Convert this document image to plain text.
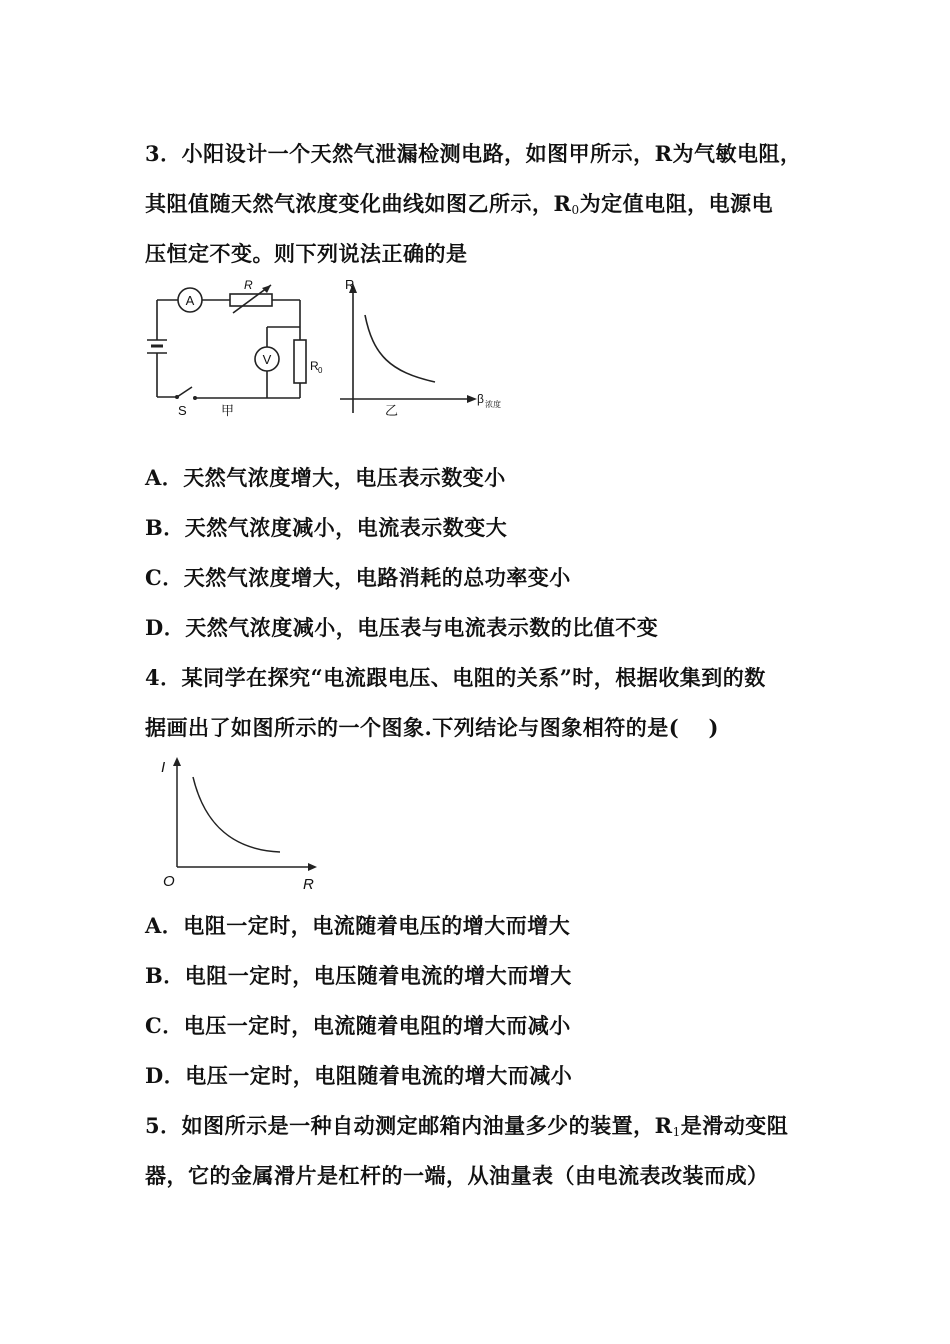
3．小阳设计一个天然气泄漏检测电路，如图甲所示，R为气敏电阻，
其阻值随天然气浓度变化曲线如图乙所示，$R_0$为定值电阻，电源电
压恒定不变。则下列说法正确的是
A
V
R
R 0
S	甲
R
β 浓度
乙
A．天然气浓度增大，电压表示数变小
B．天然气浓度减小，电流表示数变大
C．天然气浓度增大，电路消耗的总功率变小
D．天然气浓度减小，电压表与电流表示数的比值不变
4．某同学在探究“电流跟电压、电阻的关系”时，根据收集到的数
据画出了如图所示的一个图象.下列结论与图象相符的是(　 )
I
R
O
A．电阻一定时，电流随着电压的增大而增大
B．电阻一定时，电压随着电流的增大而增大
C．电压一定时，电流随着电阻的增大而减小
D．电压一定时，电阻随着电流的增大而减小
5．如图所示是一种自动测定邮箱内油量多少的装置，$R_1$是滑动变阻
器，它的金属滑片是杠杆的一端，从油量表（由电流表改装而成）
